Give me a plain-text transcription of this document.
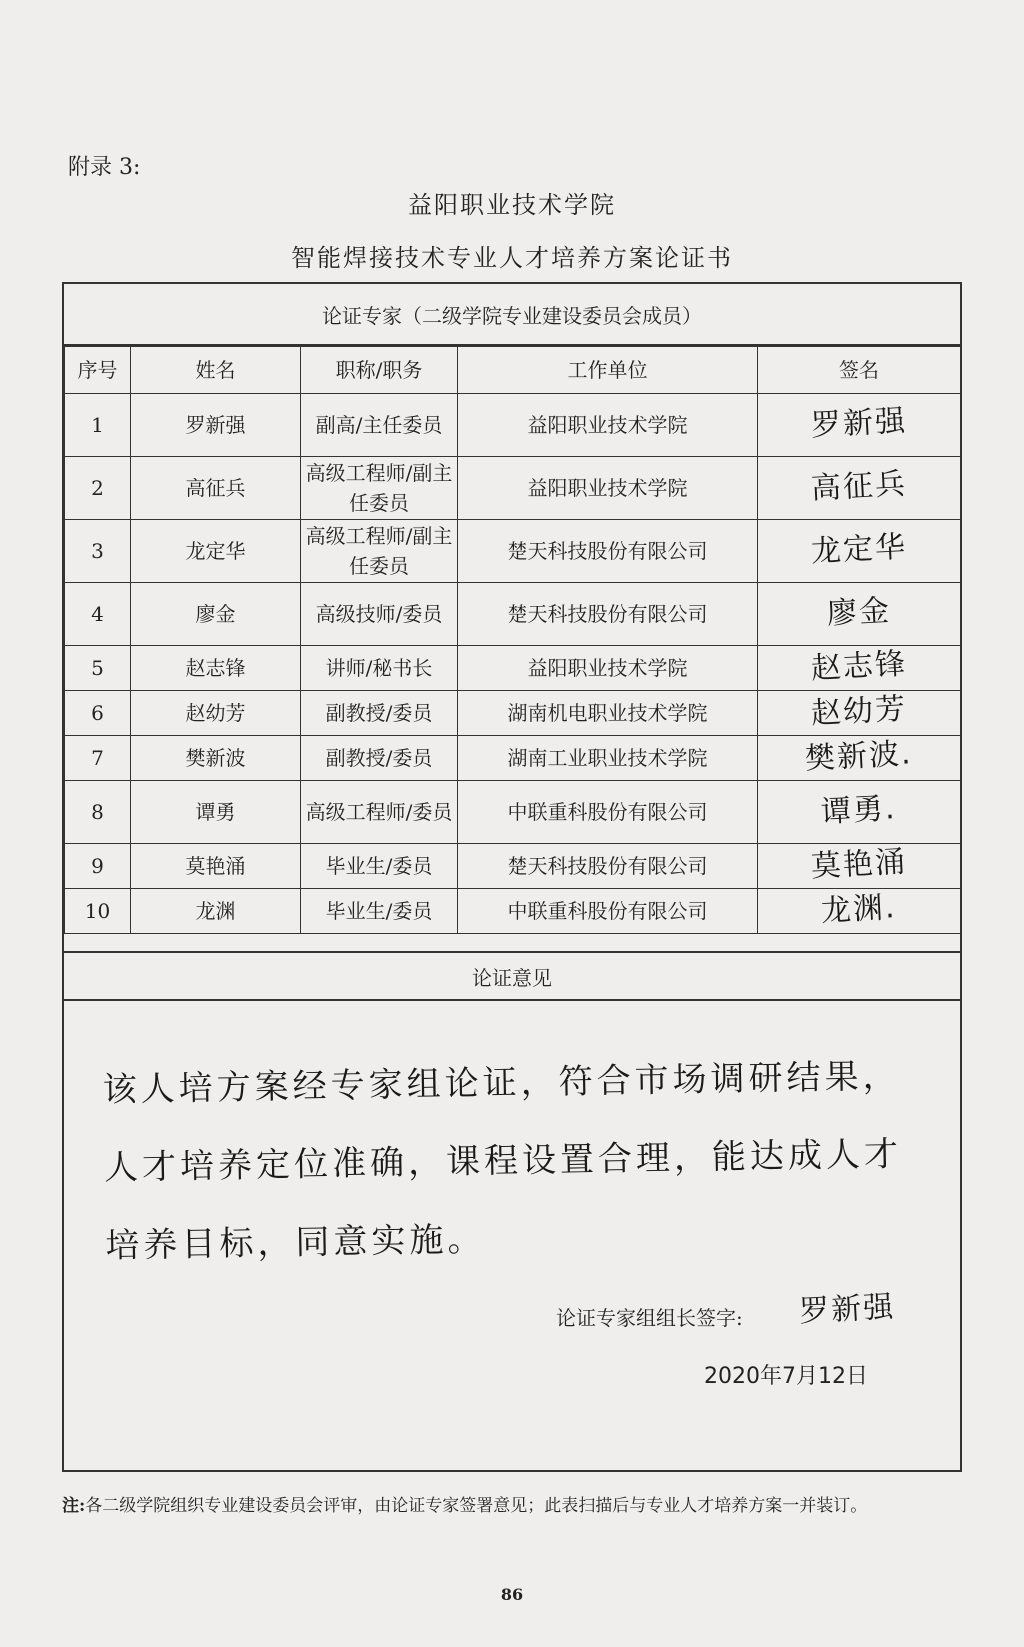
附录 3:
益阳职业技术学院
智能焊接技术专业人才培养方案论证书
论证专家（二级学院专业建设委员会成员）
序号	姓名	职称/职务	工作单位	签名
1	罗新强	副高/主任委员	益阳职业技术学院	罗新强
2	高征兵	高级工程师/副主任委员	益阳职业技术学院	高征兵
3	龙定华	高级工程师/副主任委员	楚天科技股份有限公司	龙定华
4	廖金	高级技师/委员	楚天科技股份有限公司	廖金
5	赵志锋	讲师/秘书长	益阳职业技术学院	赵志锋
6	赵幼芳	副教授/委员	湖南机电职业技术学院	赵幼芳
7	樊新波	副教授/委员	湖南工业职业技术学院	樊新波.
8	谭勇	高级工程师/委员	中联重科股份有限公司	谭勇.
9	莫艳涌	毕业生/委员	楚天科技股份有限公司	莫艳涌
10	龙渊	毕业生/委员	中联重科股份有限公司	龙渊.
论证意见
该人培方案经专家组论证，符合市场调研结果，
人才培养定位准确，课程设置合理，能达成人才
培养目标，同意实施。
论证专家组组长签字: 罗新强
2020年7月12日
注:各二级学院组织专业建设委员会评审，由论证专家签署意见；此表扫描后与专业人才培养方案一并装订。
86
